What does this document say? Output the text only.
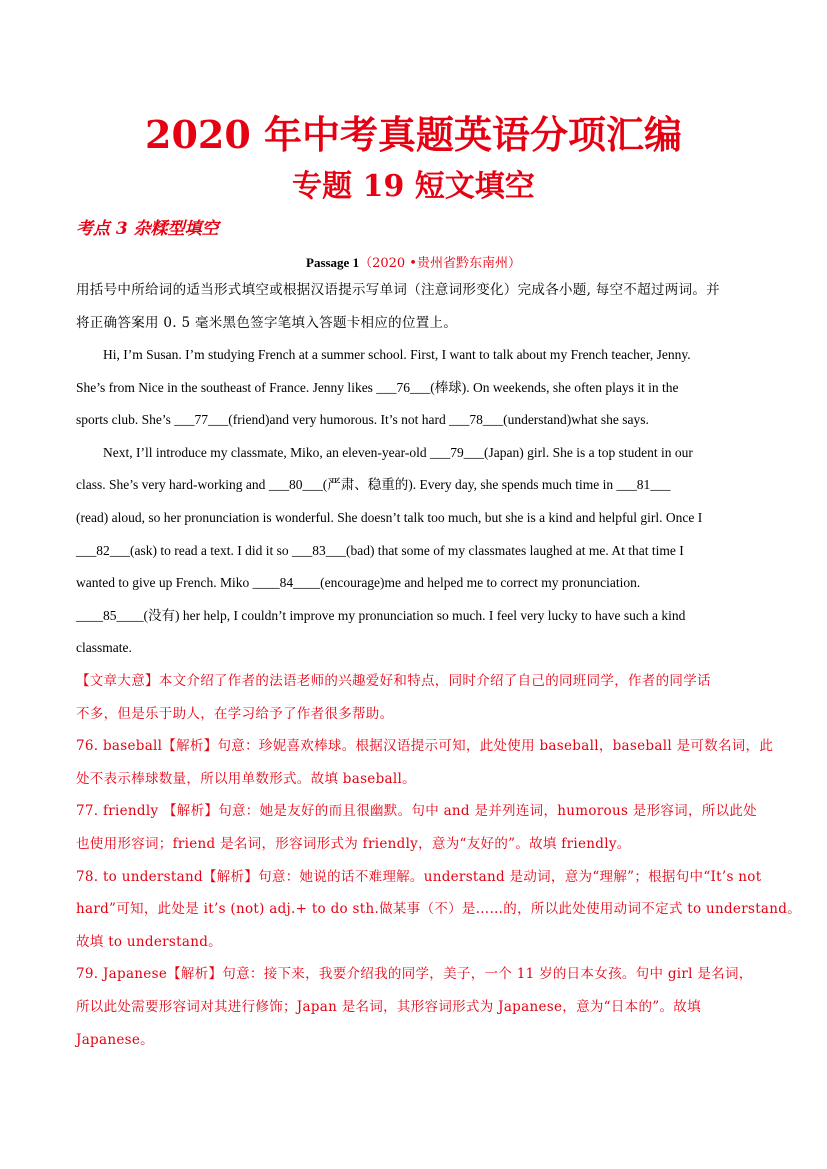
2020 年中考真题英语分项汇编
专题 19 短文填空
考点 3 杂糅型填空
Passage 1（2020 •贵州省黔东南州）
用括号中所给词的适当形式填空或根据汉语提示写单词（注意词形变化）完成各小题, 每空不超过两词。并
将正确答案用 0. 5 毫米黑色签字笔填入答题卡相应的位置上。
Hi, I’m Susan. I’m studying French at a summer school. First, I want to talk about my French teacher, Jenny.
She’s from Nice in the southeast of France. Jenny likes ___76___(棒球). On weekends, she often plays it in the
sports club. She’s ___77___(friend)and very humorous. It’s not hard ___78___(understand)what she says.
Next, I’ll introduce my classmate, Miko, an eleven-year-old ___79___(Japan) girl. She is a top student in our
class. She’s very hard-working and ___80___(严肃、稳重的). Every day, she spends much time in ___81___
(read) aloud, so her pronunciation is wonderful. She doesn’t talk too much, but she is a kind and helpful girl. Once I
___82___(ask) to read a text. I did it so ___83___(bad) that some of my classmates laughed at me. At that time I
wanted to give up French. Miko ____84____(encourage)me and helped me to correct my pronunciation.
____85____(没有) her help, I couldn’t improve my pronunciation so much. I feel very lucky to have such a kind
classmate.
【文章大意】本文介绍了作者的法语老师的兴趣爱好和特点，同时介绍了自己的同班同学，作者的同学话
不多，但是乐于助人，在学习给予了作者很多帮助。
76. baseball【解析】句意：珍妮喜欢棒球。根据汉语提示可知，此处使用 baseball，baseball 是可数名词，此
处不表示棒球数量，所以用单数形式。故填 baseball。
77. friendly 【解析】句意：她是友好的而且很幽默。句中 and 是并列连词，humorous 是形容词，所以此处
也使用形容词；friend 是名词，形容词形式为 friendly，意为“友好的”。故填 friendly。
78. to understand【解析】句意：她说的话不难理解。understand 是动词，意为“理解”；根据句中“It’s not
hard”可知，此处是 it’s (not) adj.+ to do sth.做某事（不）是……的，所以此处使用动词不定式 to understand。
故填 to understand。
79. Japanese【解析】句意：接下来，我要介绍我的同学，美子，一个 11 岁的日本女孩。句中 girl 是名词，
所以此处需要形容词对其进行修饰；Japan 是名词，其形容词形式为 Japanese，意为“日本的”。故填
Japanese。
